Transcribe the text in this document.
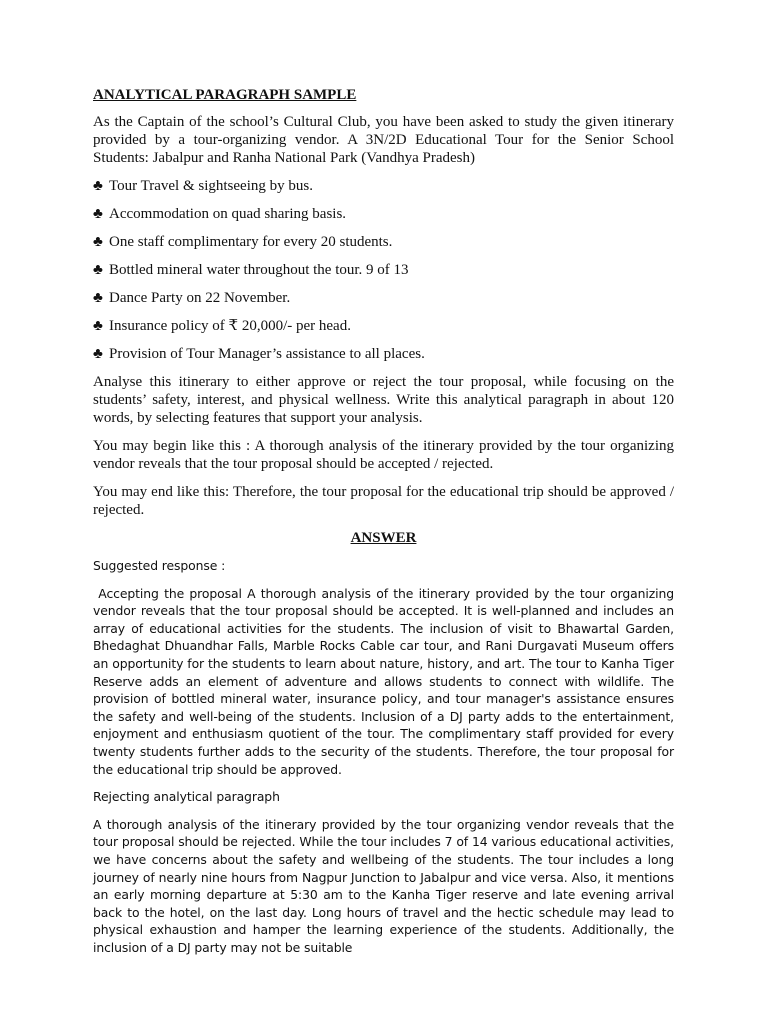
ANALYTICAL PARAGRAPH SAMPLE

As the Captain of the school’s Cultural Club, you have been asked to study the given itinerary provided by a tour-organizing vendor. A 3N/2D Educational Tour for the Senior School Students: Jabalpur and Ranha National Park (Vandhya Pradesh)

♣ Tour Travel & sightseeing by bus.

♣ Accommodation on quad sharing basis.

♣ One staff complimentary for every 20 students.

♣ Bottled mineral water throughout the tour. 9 of 13

♣ Dance Party on 22 November.

♣ Insurance policy of ₹ 20,000/- per head.

♣ Provision of Tour Manager’s assistance to all places.

Analyse this itinerary to either approve or reject the tour proposal, while focusing on the students’ safety, interest, and physical wellness. Write this analytical paragraph in about 120 words, by selecting features that support your analysis.

You may begin like this : A thorough analysis of the itinerary provided by the tour organizing vendor reveals that the tour proposal should be accepted / rejected.

You may end like this: Therefore, the tour proposal for the educational trip should be approved / rejected.

ANSWER

Suggested response :

Accepting the proposal A thorough analysis of the itinerary provided by the tour organizing vendor reveals that the tour proposal should be accepted. It is well-planned and includes an array of educational activities for the students. The inclusion of visit to Bhawartal Garden, Bhedaghat Dhuandhar Falls, Marble Rocks Cable car tour, and Rani Durgavati Museum offers an opportunity for the students to learn about nature, history, and art. The tour to Kanha Tiger Reserve adds an element of adventure and allows students to connect with wildlife. The provision of bottled mineral water, insurance policy, and tour manager's assistance ensures the safety and well-being of the students. Inclusion of a DJ party adds to the entertainment, enjoyment and enthusiasm quotient of the tour. The complimentary staff provided for every twenty students further adds to the security of the students. Therefore, the tour proposal for the educational trip should be approved.

Rejecting analytical paragraph

A thorough analysis of the itinerary provided by the tour organizing vendor reveals that the tour proposal should be rejected. While the tour includes 7 of 14 various educational activities, we have concerns about the safety and wellbeing of the students. The tour includes a long journey of nearly nine hours from Nagpur Junction to Jabalpur and vice versa. Also, it mentions an early morning departure at 5:30 am to the Kanha Tiger reserve and late evening arrival back to the hotel, on the last day. Long hours of travel and the hectic schedule may lead to physical exhaustion and hamper the learning experience of the students. Additionally, the inclusion of a DJ party may not be suitable
